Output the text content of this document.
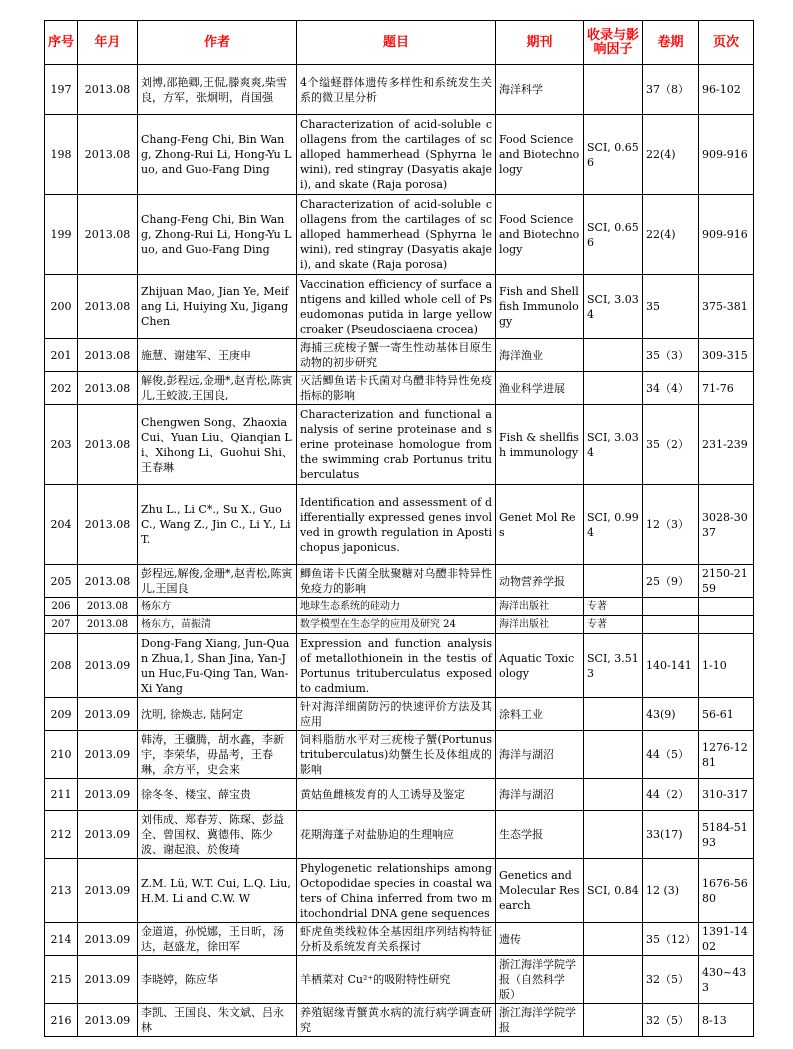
序号	年月	作者	题目	期刊	收录与影响因子	卷期	页次
197	2013.08	刘博,邵艳卿,王侃,滕爽爽,柴雪良，方军，张炯明，肖国强	4个缢蛏群体遗传多样性和系统发生关系的微卫星分析	海洋科学		37（8）	96-102
198	2013.08	Chang-Feng Chi, Bin Wang, Zhong-Rui Li, Hong-Yu Luo, and Guo-Fang Ding	Characterization of acid-soluble collagens from the cartilages of scalloped hammerhead (Sphyrna lewini), red stingray (Dasyatis akajei), and skate (Raja porosa)	Food Science and Biotechnology	SCI, 0.656	22(4)	909-916
199	2013.08	Chang-Feng Chi, Bin Wang, Zhong-Rui Li, Hong-Yu Luo, and Guo-Fang Ding	Characterization of acid-soluble collagens from the cartilages of scalloped hammerhead (Sphyrna lewini), red stingray (Dasyatis akajei), and skate (Raja porosa)	Food Science and Biotechnology	SCI, 0.656	22(4)	909-916
200	2013.08	Zhijuan Mao, Jian Ye, Meifang Li, Huiying Xu, Jigang Chen	Vaccination efficiency of surface antigens and killed whole cell of Pseudomonas putida in large yellow croaker (Pseudosciaena crocea)	Fish and Shellfish Immunology	SCI, 3.034	35	375-381
201	2013.08	施慧、谢建军、王庚申	海捕三疣梭子蟹一寄生性动基体目原生动物的初步研究	海洋渔业		35（3）	309-315
202	2013.08	解俊,彭程远,金珊*,赵青松,陈寅儿,王蛟波,王国良,	灭活鲫鱼诺卡氏菌对乌醴非特异性免疫指标的影响	渔业科学进展		34（4）	71-76
203	2013.08	Chengwen Song、Zhaoxia Cui、Yuan Liu、Qianqian Li、Xihong Li、Guohui Shi、王春琳	Characterization and functional analysis of serine proteinase and serine proteinase homologue from the swimming crab Portunus trituberculatus	Fish & shellfish immunology	SCI, 3.034	35（2）	231-239
204	2013.08	Zhu L., Li C*., Su X., Guo C., Wang Z., Jin C., Li Y., Li T.	Identification and assessment of differentially expressed genes involved in growth regulation in Apostichopus japonicus.	Genet Mol Res	SCI, 0.994	12（3）	3028-3037
205	2013.08	彭程远,解俊,金珊*,赵青松,陈寅儿,王国良	鲫鱼诺卡氏菌全肽聚糖对乌醴非特异性免疫力的影响	动物营养学报		25（9）	2150-2159
206	2013.08	杨东方	地球生态系统的硅动力	海洋出版社	专著		
207	2013.08	杨东方，苗振清	数学模型在生态学的应用及研究 24	海洋出版社	专著		
208	2013.09	Dong-Fang Xiang, Jun-Quan Zhua,1, Shan Jina, Yan-Jun Huc,Fu-Qing Tan, Wan-Xi Yang	Expression and function analysis of metallothionein in the testis of Portunus trituberculatus exposed to cadmium.	Aquatic Toxicology	SCI, 3.513	140-141	1-10
209	2013.09	沈明, 徐焕志, 陆阿定	针对海洋细菌防污的快速评价方法及其应用	涂料工业		43(9)	56-61
210	2013.09	韩涛，王骥腾，胡水鑫，李新宇，李荣华，毋晶考，王春琳，余方平，史会来	饲料脂肪水平对三疣梭子蟹(Portunus trituberculatus)幼蟹生长及体组成的影响	海洋与湖沼		44（5）	1276-1281
211	2013.09	徐冬冬、楼宝、薛宝贵	黄姑鱼雌核发育的人工诱导及鉴定	海洋与湖沼		44（2）	310-317
212	2013.09	刘伟成、郑春芳、陈琛、彭益全、曾国权、冀德伟、陈少波、谢起浪、於俊琦	花期海蓬子对盐胁迫的生理响应	生态学报		33(17)	5184-5193
213	2013.09	Z.M. Lü, W.T. Cui, L.Q. Liu, H.M. Li and C.W. W	Phylogenetic relationships among Octopodidae species in coastal waters of China inferred from two mitochondrial DNA gene sequences	Genetics and Molecular Research	SCI, 0.84	12 (3)	1676-5680
214	2013.09	金道道，孙悦娜，王日昕，汤达，赵盛龙，徐田军	虾虎鱼类线粒体全基因组序列结构特征分析及系统发育关系探讨	遗传		35（12）	1391-1402
215	2013.09	李晓婷，陈应华	羊栖菜对 Cu²⁺的吸附特性研究	浙江海洋学院学报（自然科学版）		32（5）	430~433
216	2013.09	李凯、王国良、朱文斌、吕永林	养殖锯缘青蟹黄水病的流行病学调查研究	浙江海洋学院学报		32（5）	8-13
